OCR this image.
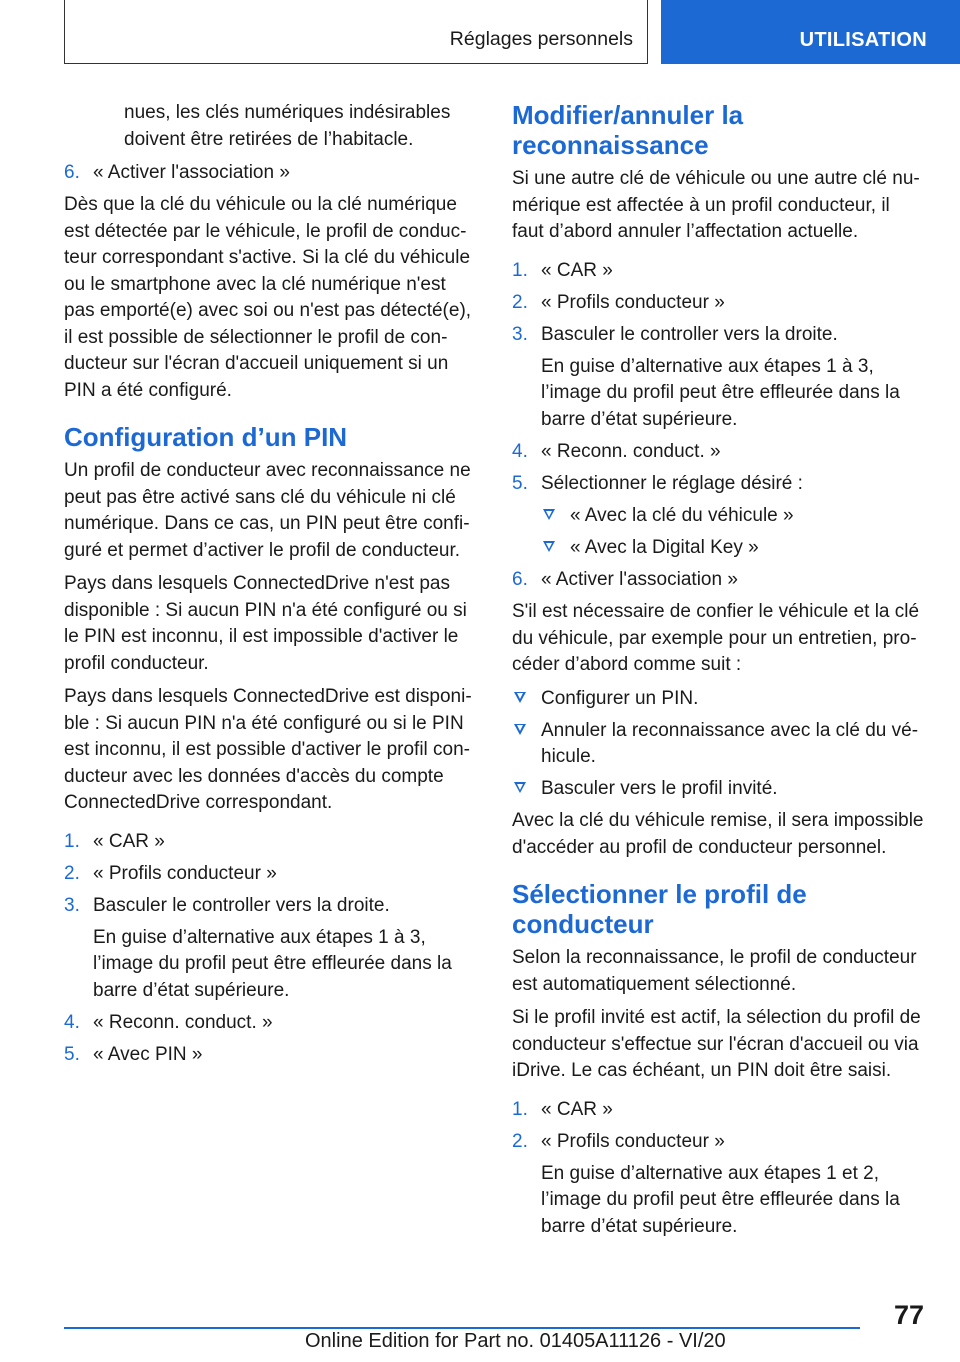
Réglages personnels	UTILISATION

nues, les clés numériques indésirables doivent être retirées de l’habitacle.

6. « Activer l'association »

Dès que la clé du véhicule ou la clé numérique est détectée par le véhicule, le profil de conducteur correspondant s'active. Si la clé du véhicule ou le smartphone avec la clé numérique n'est pas emporté(e) avec soi ou n'est pas détecté(e), il est possible de sélectionner le profil de conducteur sur l'écran d'accueil uniquement si un PIN a été configuré.

Configuration d’un PIN

Un profil de conducteur avec reconnaissance ne peut pas être activé sans clé du véhicule ni clé numérique. Dans ce cas, un PIN peut être configuré et permet d’activer le profil de conducteur.

Pays dans lesquels ConnectedDrive n'est pas disponible : Si aucun PIN n'a été configuré ou si le PIN est inconnu, il est impossible d'activer le profil conducteur.

Pays dans lesquels ConnectedDrive est disponible : Si aucun PIN n'a été configuré ou si le PIN est inconnu, il est possible d'activer le profil conducteur avec les données d'accès du compte ConnectedDrive correspondant.

1. « CAR »
2. « Profils conducteur »
3. Basculer le controller vers la droite.
En guise d’alternative aux étapes 1 à 3, l’image du profil peut être effleurée dans la barre d’état supérieure.
4. « Reconn. conduct. »
5. « Avec PIN »
Modifier/annuler la reconnaissance

Si une autre clé de véhicule ou une autre clé numérique est affectée à un profil conducteur, il faut d’abord annuler l’affectation actuelle.

1. « CAR »
2. « Profils conducteur »
3. Basculer le controller vers la droite.
En guise d’alternative aux étapes 1 à 3, l’image du profil peut être effleurée dans la barre d’état supérieure.
4. « Reconn. conduct. »
5. Sélectionner le réglage désiré :
« Avec la clé du véhicule »
« Avec la Digital Key »
6. « Activer l'association »

S'il est nécessaire de confier le véhicule et la clé du véhicule, par exemple pour un entretien, procéder d’abord comme suit :

Configurer un PIN.
Annuler la reconnaissance avec la clé du véhicule.
Basculer vers le profil invité.

Avec la clé du véhicule remise, il sera impossible d'accéder au profil de conducteur personnel.

Sélectionner le profil de conducteur

Selon la reconnaissance, le profil de conducteur est automatiquement sélectionné.

Si le profil invité est actif, la sélection du profil de conducteur s'effectue sur l'écran d'accueil ou via iDrive. Le cas échéant, un PIN doit être saisi.

1. « CAR »
2. « Profils conducteur »
En guise d’alternative aux étapes 1 et 2, l’image du profil peut être effleurée dans la barre d’état supérieure.
77
Online Edition for Part no. 01405A11126 - VI/20
